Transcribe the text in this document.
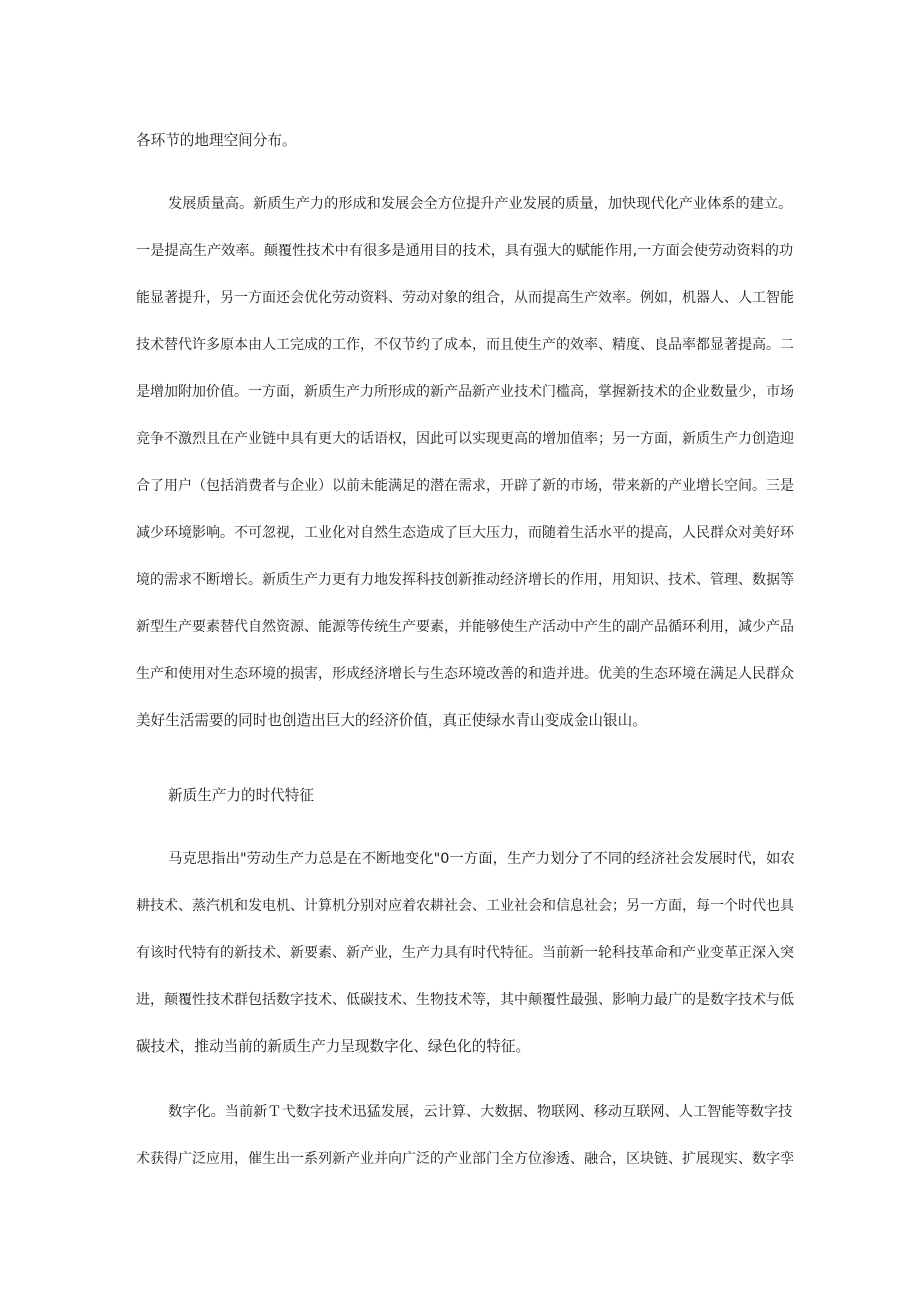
各环节的地理空间分布。
发展质量高。新质生产力的形成和发展会全方位提升产业发展的质量，加快现代化产业体系的建立。
一是提高生产效率。颠覆性技术中有很多是通用目的技术，具有强大的赋能作用,一方面会使劳动资料的功
能显著提升，另一方面还会优化劳动资料、劳动对象的组合，从而提高生产效率。例如，机器人、人工智能
技术替代许多原本由人工完成的工作，不仅节约了成本，而且使生产的效率、精度、良品率都显著提高。二
是增加附加价值。一方面，新质生产力所形成的新产品新产业技术门槛高，掌握新技术的企业数量少，市场
竞争不激烈且在产业链中具有更大的话语权，因此可以实现更高的增加值率；另一方面，新质生产力创造迎
合了用户（包括消费者与企业）以前未能满足的潜在需求，开辟了新的市场，带来新的产业增长空间。三是
减少环境影响。不可忽视，工业化对自然生态造成了巨大压力，而随着生活水平的提高，人民群众对美好环
境的需求不断增长。新质生产力更有力地发挥科技创新推动经济增长的作用，用知识、技术、管理、数据等
新型生产要素替代自然资源、能源等传统生产要素，并能够使生产活动中产生的副产品循环利用，减少产品
生产和使用对生态环境的损害，形成经济增长与生态环境改善的和造并进。优美的生态环境在满足人民群众
美好生活需要的同时也创造出巨大的经济价值，真正使绿水青山变成金山银山。
新质生产力的时代特征
马克思指出"劳动生产力总是在不断地变化"0一方面，生产力划分了不同的经济社会发展时代，如农
耕技术、蒸汽机和发电机、计算机分别对应着农耕社会、工业社会和信息社会；另一方面，每一个时代也具
有该时代特有的新技术、新要素、新产业，生产力具有时代特征。当前新一轮科技革命和产业变革正深入突
进，颠覆性技术群包括数字技术、低碳技术、生物技术等，其中颠覆性最强、影响力最广的是数字技术与低
碳技术，推动当前的新质生产力呈现数字化、绿色化的特征。
数字化。当前新Ｔ弋数字技术迅猛发展，云计算、大数据、物联网、移动互联网、人工智能等数字技
术获得广泛应用，催生出一系列新产业并向广泛的产业部门全方位渗透、融合，区块链、扩展现实、数字孪
